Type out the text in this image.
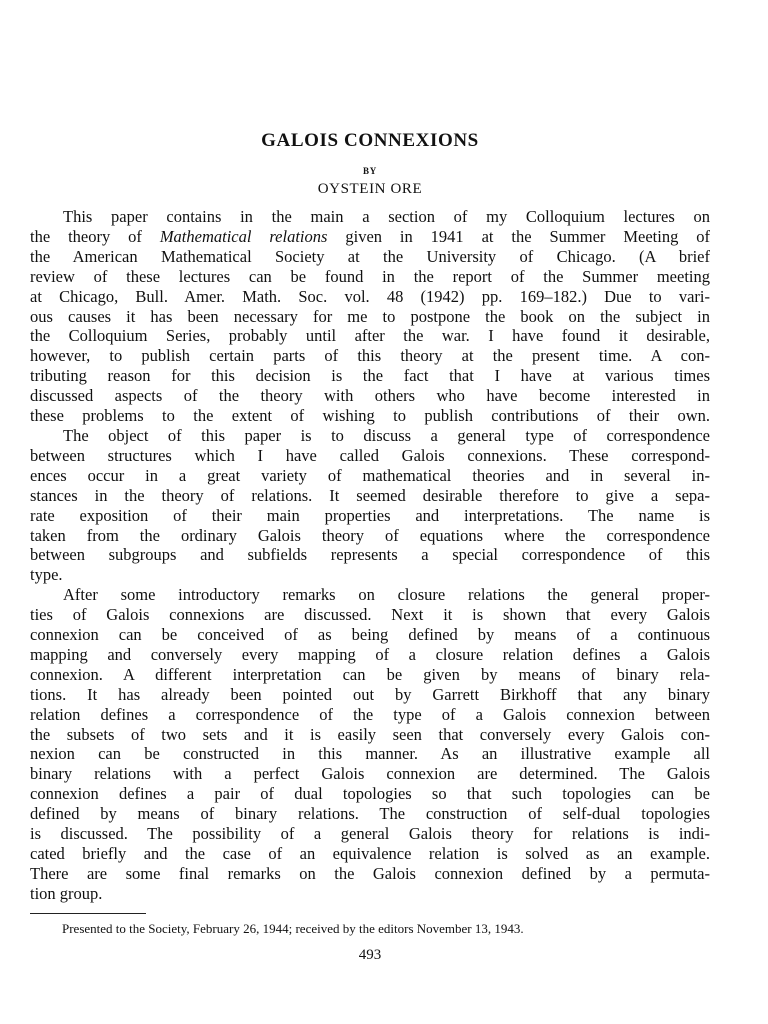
GALOIS CONNEXIONS
BY
OYSTEIN ORE
This paper contains in the main a section of my Colloquium lectures on
the theory of Mathematical relations given in 1941 at the Summer Meeting of
the American Mathematical Society at the University of Chicago. (A brief
review of these lectures can be found in the report of the Summer meeting
at Chicago, Bull. Amer. Math. Soc. vol. 48 (1942) pp. 169–182.) Due to vari-
ous causes it has been necessary for me to postpone the book on the subject in
the Colloquium Series, probably until after the war. I have found it desirable,
however, to publish certain parts of this theory at the present time. A con-
tributing reason for this decision is the fact that I have at various times
discussed aspects of the theory with others who have become interested in
these problems to the extent of wishing to publish contributions of their own.
The object of this paper is to discuss a general type of correspondence
between structures which I have called Galois connexions. These correspond-
ences occur in a great variety of mathematical theories and in several in-
stances in the theory of relations. It seemed desirable therefore to give a sepa-
rate exposition of their main properties and interpretations. The name is
taken from the ordinary Galois theory of equations where the correspondence
between subgroups and subfields represents a special correspondence of this
type.
After some introductory remarks on closure relations the general proper-
ties of Galois connexions are discussed. Next it is shown that every Galois
connexion can be conceived of as being defined by means of a continuous
mapping and conversely every mapping of a closure relation defines a Galois
connexion. A different interpretation can be given by means of binary rela-
tions. It has already been pointed out by Garrett Birkhoff that any binary
relation defines a correspondence of the type of a Galois connexion between
the subsets of two sets and it is easily seen that conversely every Galois con-
nexion can be constructed in this manner. As an illustrative example all
binary relations with a perfect Galois connexion are determined. The Galois
connexion defines a pair of dual topologies so that such topologies can be
defined by means of binary relations. The construction of self-dual topologies
is discussed. The possibility of a general Galois theory for relations is indi-
cated briefly and the case of an equivalence relation is solved as an example.
There are some final remarks on the Galois connexion defined by a permuta-
tion group.
Presented to the Society, February 26, 1944; received by the editors November 13, 1943.
493
